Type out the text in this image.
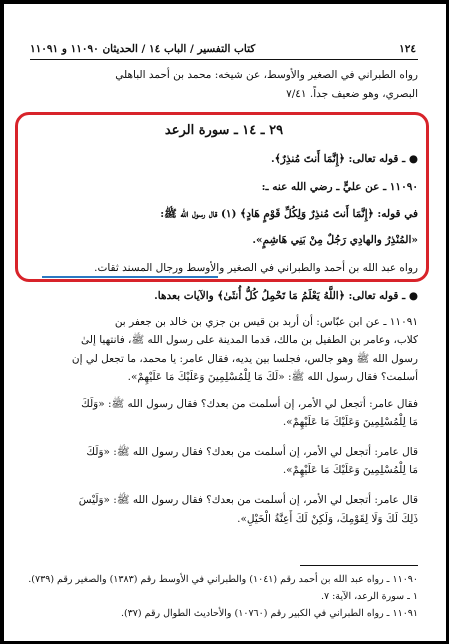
١٢٤
كتاب التفسير / الباب ١٤ / الحديثان ١١٠٩٠ و ١١٠٩١
رواه الطبراني في الصغير والأوسط، عن شيخه: محمد بن أحمد الباهلي
البصري، وهو ضعيف جداً. ٧/٤١
٢٩ ـ ١٤ ـ سورة الرعد
● ـ قوله تعالى: ﴿إِنَّمَا أَنتَ مُنذِرٌ﴾.
١١٠٩٠ ـ عن عليٍّ ـ رضي الله عنه ـ:
في قوله: ﴿إِنَّمَا أَنتَ مُنذِرٌ وَلِكُلِّ قَوْمٍ هَادٍ﴾ (١) قال رسول الله ﷺ:
«المُنْذِرُ والهادِي رَجُلٌ مِنْ بَنِي هَاشِمٍ».
رواه عبد الله بن أحمد والطبراني في الصغير والأوسط ورجال المسند ثقات.
● ـ قوله تعالى: ﴿اللَّهُ يَعْلَمُ مَا تَحْمِلُ كُلُّ أُنثَىٰ﴾ والآيات بعدها.
١١٠٩١ ـ عن ابن عبّاس: أن أربد بن قيس بن جزي بن خالد بن جعفر بن
كلاب، وعامر بن الطفيل بن مالك، قدما المدينة على رسول الله ﷺ، فانتهيا إلىٰ
رسول الله ﷺ وهو جالس، فجلسا بين يديه، فقال عامر: يا محمد، ما تجعل لي إن
أسلمت؟ فقال رسول الله ﷺ: «لَكَ مَا لِلْمُسْلِمِينَ وَعَلَيْكَ مَا عَلَيْهِمْ».
فقال عامر: أتجعل لي الأمر، إن أسلمت من بعدك؟ فقال رسول الله ﷺ: «وَلَكَ
مَا لِلْمُسْلِمِينَ وَعَلَيْكَ مَا عَلَيْهِمْ».
قال عامر: أتجعل لي الأمر، إن أسلمت من بعدك؟ فقال رسول الله ﷺ: «وَلَكَ
مَا لِلْمُسْلِمِينَ وَعَلَيْكَ مَا عَلَيْهِمْ».
قال عامر: أتجعل لي الأمر، إن أسلمت من بعدك؟ فقال رسول الله ﷺ: «وَلَيْسَ
ذَلِكَ لَكَ وَلَا لِقَوْمِكَ، وَلَكِنْ لَكَ أَعِنَّةُ الْخَيْلِ».
١١٠٩٠ ـ رواه عبد الله بن أحمد رقم (١٠٤١) والطبراني في الأوسط رقم (١٣٨٣) والصغير رقم (٧٣٩).
١ ـ سورة الرعد، الآية: ٧.
١١٠٩١ ـ رواه الطبراني في الكبير رقم (١٠٧٦٠) والأحاديث الطوال رقم (٣٧).
